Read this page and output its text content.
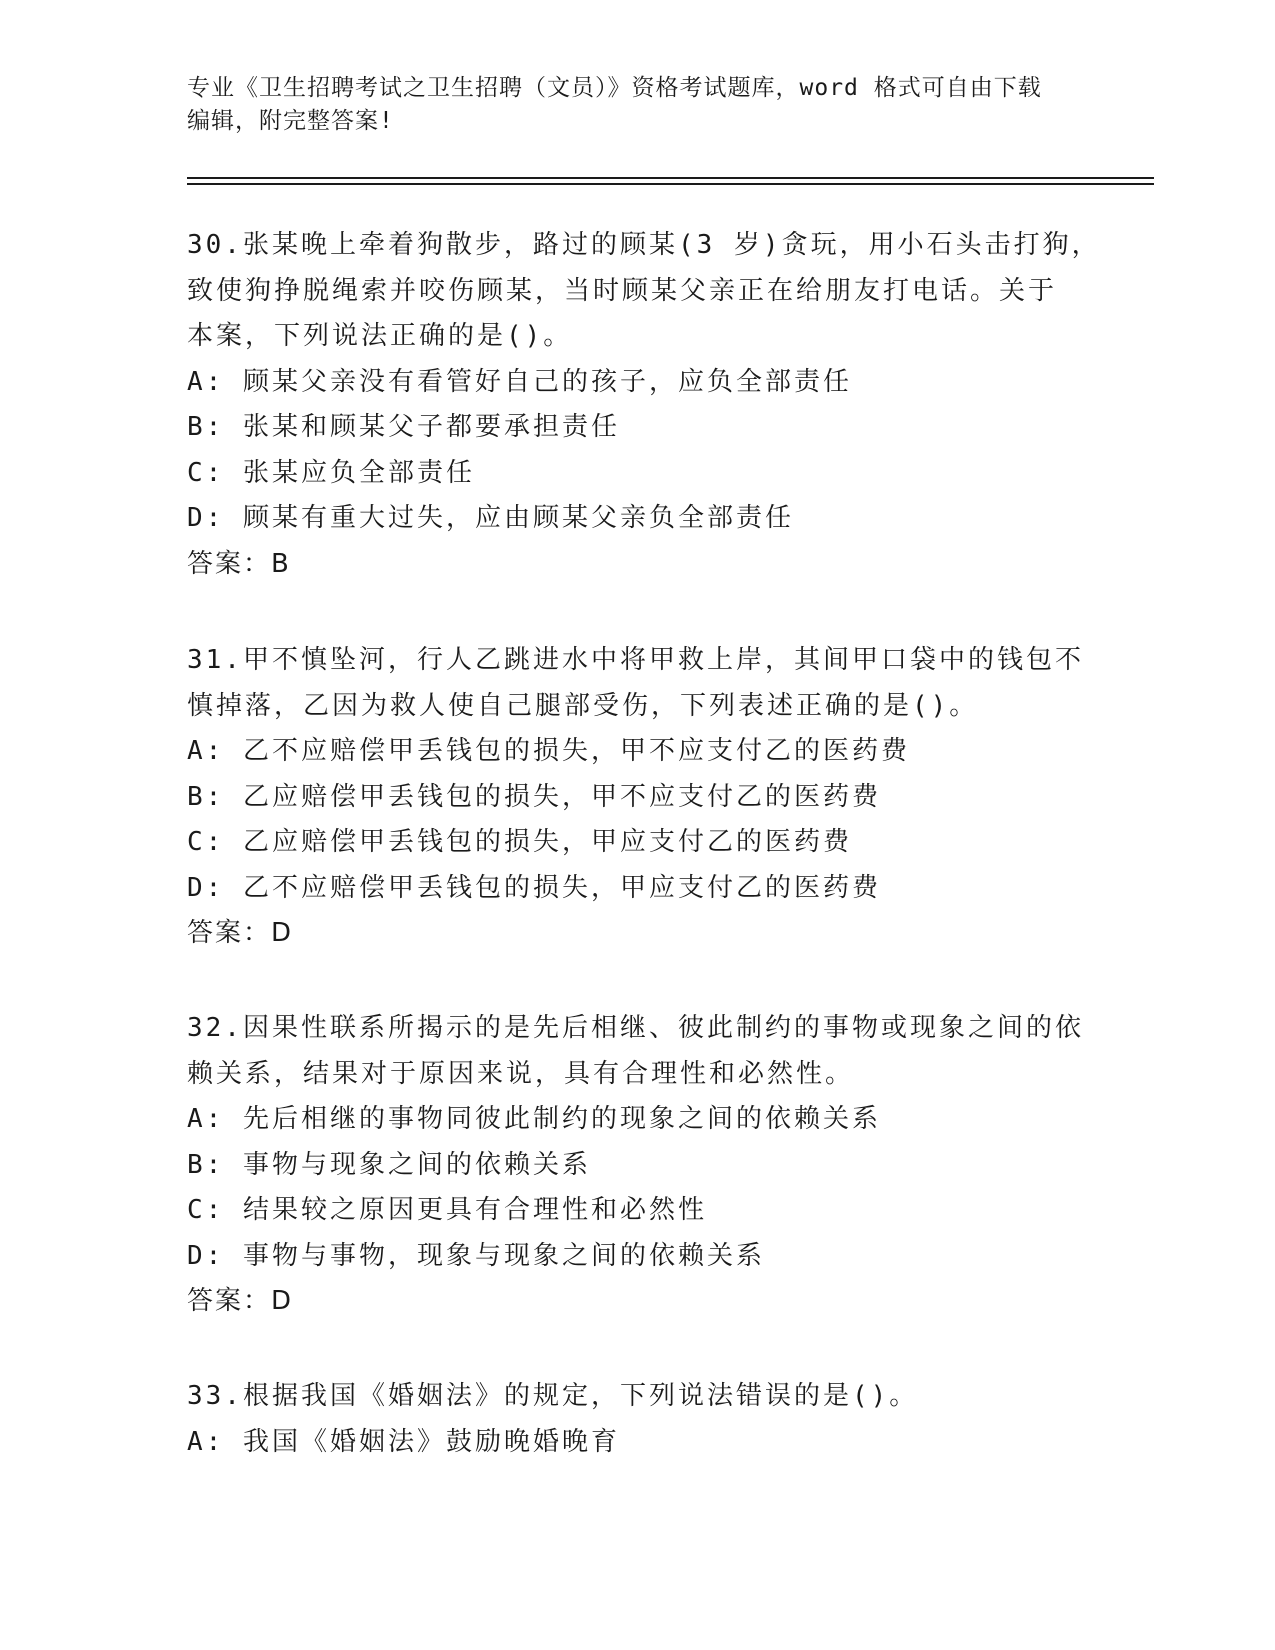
专业《卫生招聘考试之卫生招聘（文员）》资格考试题库，word 格式可自由下载
编辑，附完整答案!
30.张某晚上牵着狗散步，路过的顾某(3 岁)贪玩，用小石头击打狗，
致使狗挣脱绳索并咬伤顾某，当时顾某父亲正在给朋友打电话。关于
本案，下列说法正确的是()。
A: 顾某父亲没有看管好自己的孩子，应负全部责任
B: 张某和顾某父子都要承担责任
C: 张某应负全部责任
D: 顾某有重大过失，应由顾某父亲负全部责任
答案：B
31.甲不慎坠河，行人乙跳进水中将甲救上岸，其间甲口袋中的钱包不
慎掉落，乙因为救人使自己腿部受伤，下列表述正确的是()。
A: 乙不应赔偿甲丢钱包的损失，甲不应支付乙的医药费
B: 乙应赔偿甲丢钱包的损失，甲不应支付乙的医药费
C: 乙应赔偿甲丢钱包的损失，甲应支付乙的医药费
D: 乙不应赔偿甲丢钱包的损失，甲应支付乙的医药费
答案：D
32.因果性联系所揭示的是先后相继、彼此制约的事物或现象之间的依
赖关系，结果对于原因来说，具有合理性和必然性。
A: 先后相继的事物同彼此制约的现象之间的依赖关系
B: 事物与现象之间的依赖关系
C: 结果较之原因更具有合理性和必然性
D: 事物与事物，现象与现象之间的依赖关系
答案：D
33.根据我国《婚姻法》的规定，下列说法错误的是()。
A: 我国《婚姻法》鼓励晚婚晚育
